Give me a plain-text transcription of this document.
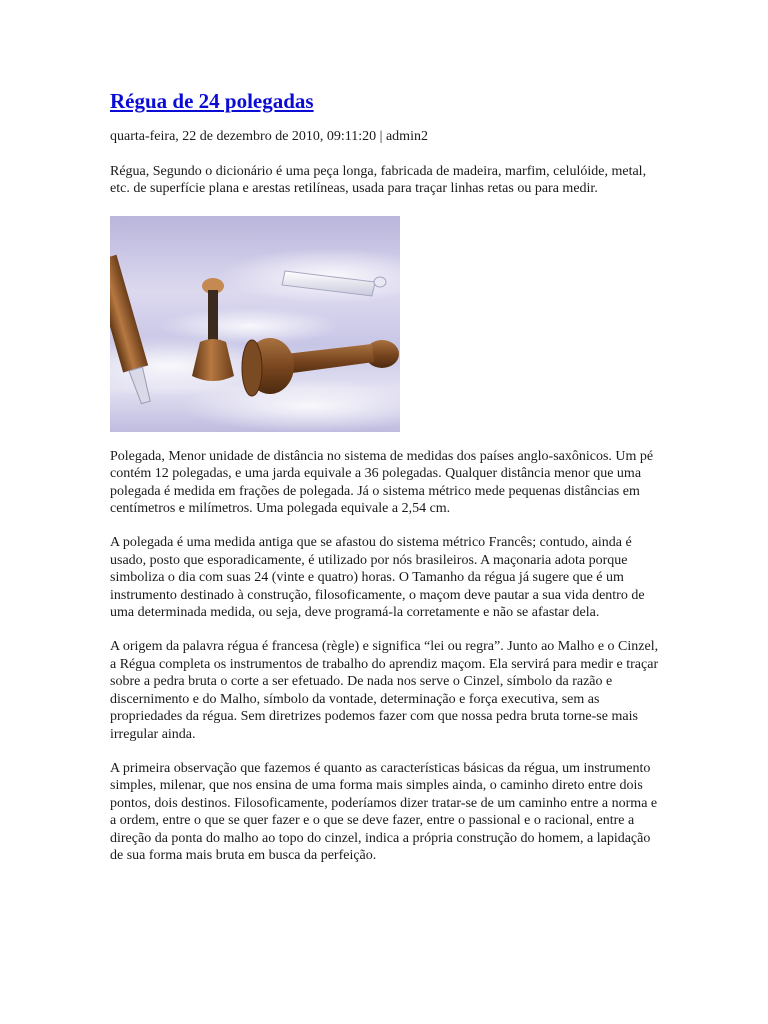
Régua de 24 polegadas
quarta-feira, 22 de dezembro de 2010, 09:11:20 | admin2

Régua, Segundo o dicionário é uma peça longa, fabricada de madeira, marfim, celulóide, metal, etc. de superfície plana e arestas retilíneas, usada para traçar linhas retas ou para medir.

Polegada, Menor unidade de distância no sistema de medidas dos países anglo-saxônicos. Um pé contém 12 polegadas, e uma jarda equivale a 36 polegadas. Qualquer distância menor que uma polegada é medida em frações de polegada. Já o sistema métrico mede pequenas distâncias em centímetros e milímetros. Uma polegada equivale a 2,54 cm.

A polegada é uma medida antiga que se afastou do sistema métrico Francês; contudo, ainda é usado, posto que esporadicamente, é utilizado por nós brasileiros. A maçonaria adota porque simboliza o dia com suas 24 (vinte e quatro) horas. O Tamanho da régua já sugere que é um instrumento destinado à construção, filosoficamente, o maçom deve pautar a sua vida dentro de uma determinada medida, ou seja, deve programá-la corretamente e não se afastar dela.

A origem da palavra régua é francesa (règle) e significa “lei ou regra”. Junto ao Malho e o Cinzel, a Régua completa os instrumentos de trabalho do aprendiz maçom. Ela servirá para medir e traçar sobre a pedra bruta o corte a ser efetuado. De nada nos serve o Cinzel, símbolo da razão e discernimento e do Malho, símbolo da vontade, determinação e força executiva, sem as propriedades da régua. Sem diretrizes podemos fazer com que nossa pedra bruta torne-se mais irregular ainda.

A primeira observação que fazemos é quanto as características básicas da régua, um instrumento simples, milenar, que nos ensina de uma forma mais simples ainda, o caminho direto entre dois pontos, dois destinos. Filosoficamente, poderíamos dizer tratar-se de um caminho entre a norma e a ordem, entre o que se quer fazer e o que se deve fazer, entre o passional e o racional, entre a direção da ponta do malho ao topo do cinzel, indica a própria construção do homem, a lapidação de sua forma mais bruta em busca da perfeição.
